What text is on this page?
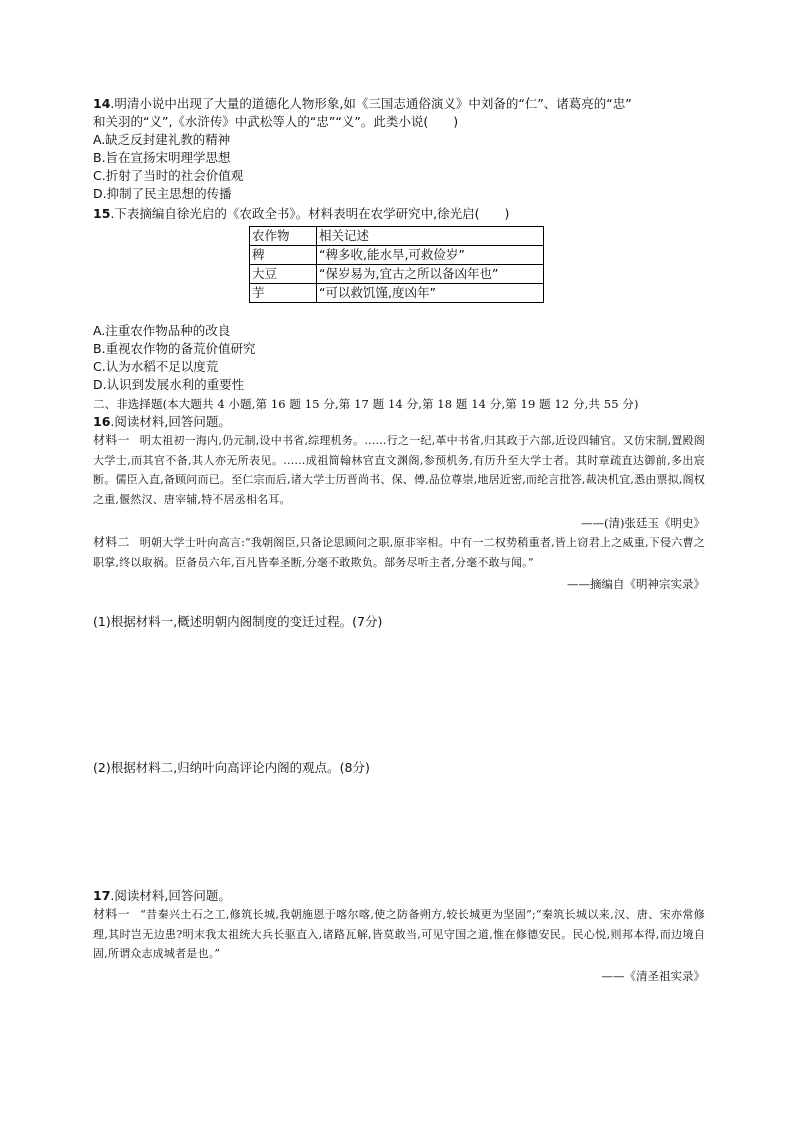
14.明清小说中出现了大量的道德化人物形象,如《三国志通俗演义》中刘备的“仁”、诸葛亮的“忠”
和关羽的“义”,《水浒传》中武松等人的“忠”“义”。此类小说(　　)
A.缺乏反封建礼教的精神
B.旨在宣扬宋明理学思想
C.折射了当时的社会价值观
D.抑制了民主思想的传播
15.下表摘编自徐光启的《农政全书》。材料表明在农学研究中,徐光启(　　)
农作物	相关记述
稗	“稗多收,能水旱,可救俭岁”
大豆	“保岁易为,宜古之所以备凶年也”
芋	“可以救饥馑,度凶年”
A.注重农作物品种的改良
B.重视农作物的备荒价值研究
C.认为水稻不足以度荒
D.认识到发展水利的重要性
二、非选择题(本大题共 4 小题,第 16 题 15 分,第 17 题 14 分,第 18 题 14 分,第 19 题 12 分,共 55 分)
16.阅读材料,回答问题。
材料一 明太祖初一海内,仍元制,设中书省,综理机务。……行之一纪,革中书省,归其政于六部,近设四辅官。又仿宋制,置殿阁大学士,而其官不备,其人亦无所表见。……成祖简翰林官直文渊阁,参预机务,有历升至大学士者。其时章疏直达御前,多出宸断。儒臣入直,备顾问而已。至仁宗而后,诸大学士历晋尚书、保、傅,品位尊崇,地居近密,而纶言批答,裁决机宜,悉由票拟,阁权之重,偃然汉、唐宰辅,特不居丞相名耳。
——(清)张廷玉《明史》
材料二 明朝大学士叶向高言:“我朝阁臣,只备论思顾问之职,原非宰相。中有一二权势稍重者,皆上窃君上之威重,下侵六曹之职掌,终以取祸。臣备员六年,百凡皆奉圣断,分毫不敢欺负。部务尽听主者,分毫不敢与闻。”
——摘编自《明神宗实录》
(1)根据材料一,概述明朝内阁制度的变迁过程。(7分)
(2)根据材料二,归纳叶向高评论内阁的观点。(8分)
17.阅读材料,回答问题。
材料一 “昔秦兴土石之工,修筑长城,我朝施恩于喀尔喀,使之防备朔方,较长城更为坚固”;“秦筑长城以来,汉、唐、宋亦常修理,其时岂无边患?明末我太祖统大兵长驱直入,诸路瓦解,皆莫敢当,可见守国之道,惟在修德安民。民心悦,则邦本得,而边境自固,所谓众志成城者是也。”
——《清圣祖实录》
